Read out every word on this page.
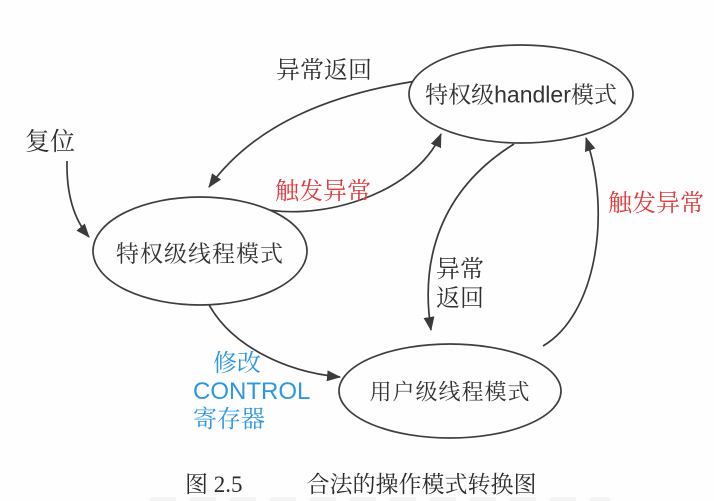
特权级线程模式
特权级handler模式
用户级线程模式
复位
异常返回
触发异常	触发异常
异常
返回
修改
CONTROL
寄存器
图 2.5	合法的操作模式转换图
